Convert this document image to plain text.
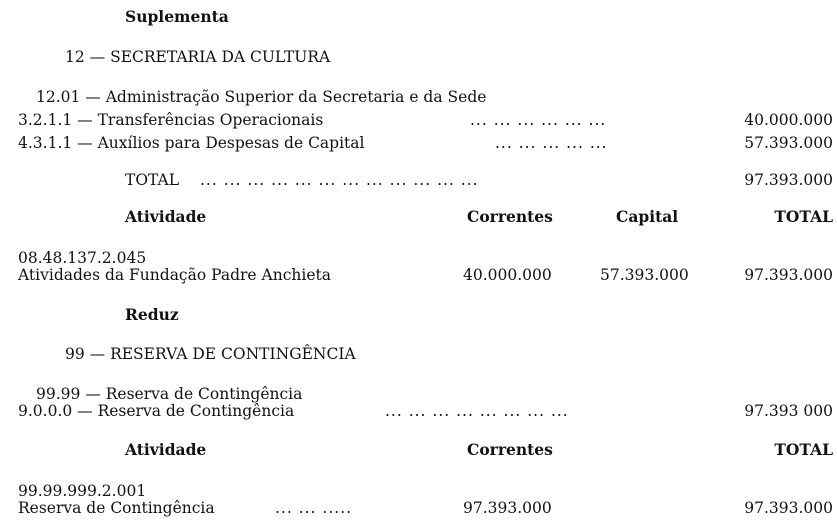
Suplementa
12 — SECRETARIA DA CULTURA
12.01 — Administração Superior da Secretaria e da Sede
3.2.1.1 — Transferências Operacionais	... ... ... ... ... ...	40.000.000
4.3.1.1 — Auxílios para Despesas de Capital	... ... ... ... ...	57.393.000
TOTAL ... ... ... ... ... ... ... ... ... ... ... ...	97.393.000
Atividade	Correntes	Capital	TOTAL
08.48.137.2.045
Atividades da Fundação Padre Anchieta	40.000.000	57.393.000	97.393.000
Reduz
99 — RESERVA DE CONTINGÊNCIA
99.99 — Reserva de Contingência
9.0.0.0 — Reserva de Contingência	... ... ... ... ... ... ... ...	97.393 000
Atividade	Correntes	TOTAL
99.99.999.2.001
Reserva de Contingência	... ... .....	97.393.000	97.393.000
